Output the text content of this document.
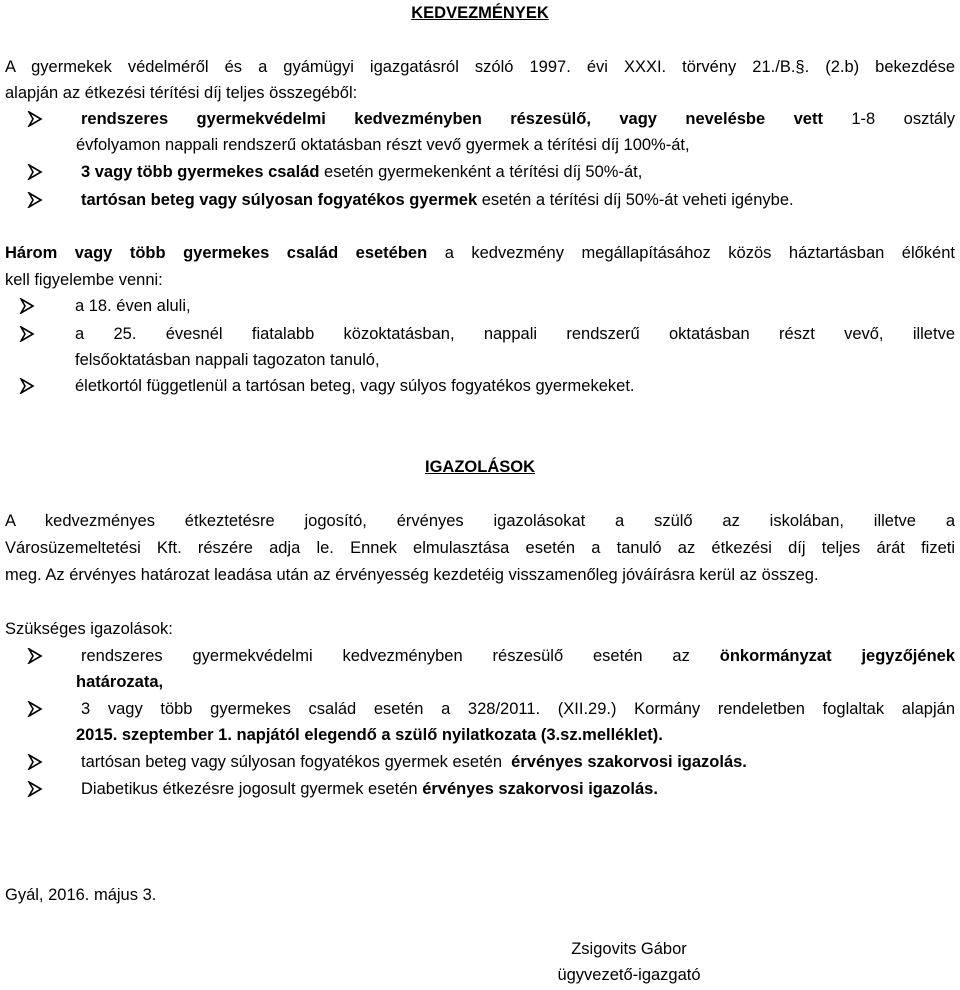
KEDVEZMÉNYEK
A gyermekek védelméről és a gyámügyi igazgatásról szóló 1997. évi XXXI. törvény 21./B.§. (2.b) bekezdése
alapján az étkezési térítési díj teljes összegéből:
rendszeres gyermekvédelmi kedvezményben részesülő, vagy nevelésbe vett 1-8 osztály
évfolyamon nappali rendszerű oktatásban részt vevő gyermek a térítési díj 100%-át,
3 vagy több gyermekes család esetén gyermekenként a térítési díj 50%-át,
tartósan beteg vagy súlyosan fogyatékos gyermek esetén a térítési díj 50%-át veheti igénybe.
Három vagy több gyermekes család esetében a kedvezmény megállapításához közös háztartásban élőként
kell figyelembe venni:
a 18. éven aluli,
a 25. évesnél fiatalabb közoktatásban, nappali rendszerű oktatásban részt vevő, illetve
felsőoktatásban nappali tagozaton tanuló,
életkortól függetlenül a tartósan beteg, vagy súlyos fogyatékos gyermekeket.
IGAZOLÁSOK
A kedvezményes étkeztetésre jogosító, érvényes igazolásokat a szülő az iskolában, illetve a
Városüzemeltetési Kft. részére adja le. Ennek elmulasztása esetén a tanuló az étkezési díj teljes árát fizeti
meg. Az érvényes határozat leadása után az érvényesség kezdetéig visszamenőleg jóváírásra kerül az összeg.
Szükséges igazolások:
rendszeres gyermekvédelmi kedvezményben részesülő esetén az önkormányzat jegyzőjének
határozata,
3 vagy több gyermekes család esetén a 328/2011. (XII.29.) Kormány rendeletben foglaltak alapján
2015. szeptember 1. napjától elegendő a szülő nyilatkozata (3.sz.melléklet).
tartósan beteg vagy súlyosan fogyatékos gyermek esetén  érvényes szakorvosi igazolás.
Diabetikus étkezésre jogosult gyermek esetén érvényes szakorvosi igazolás.
Gyál, 2016. május 3.
Zsigovits Gábor
ügyvezető-igazgató
